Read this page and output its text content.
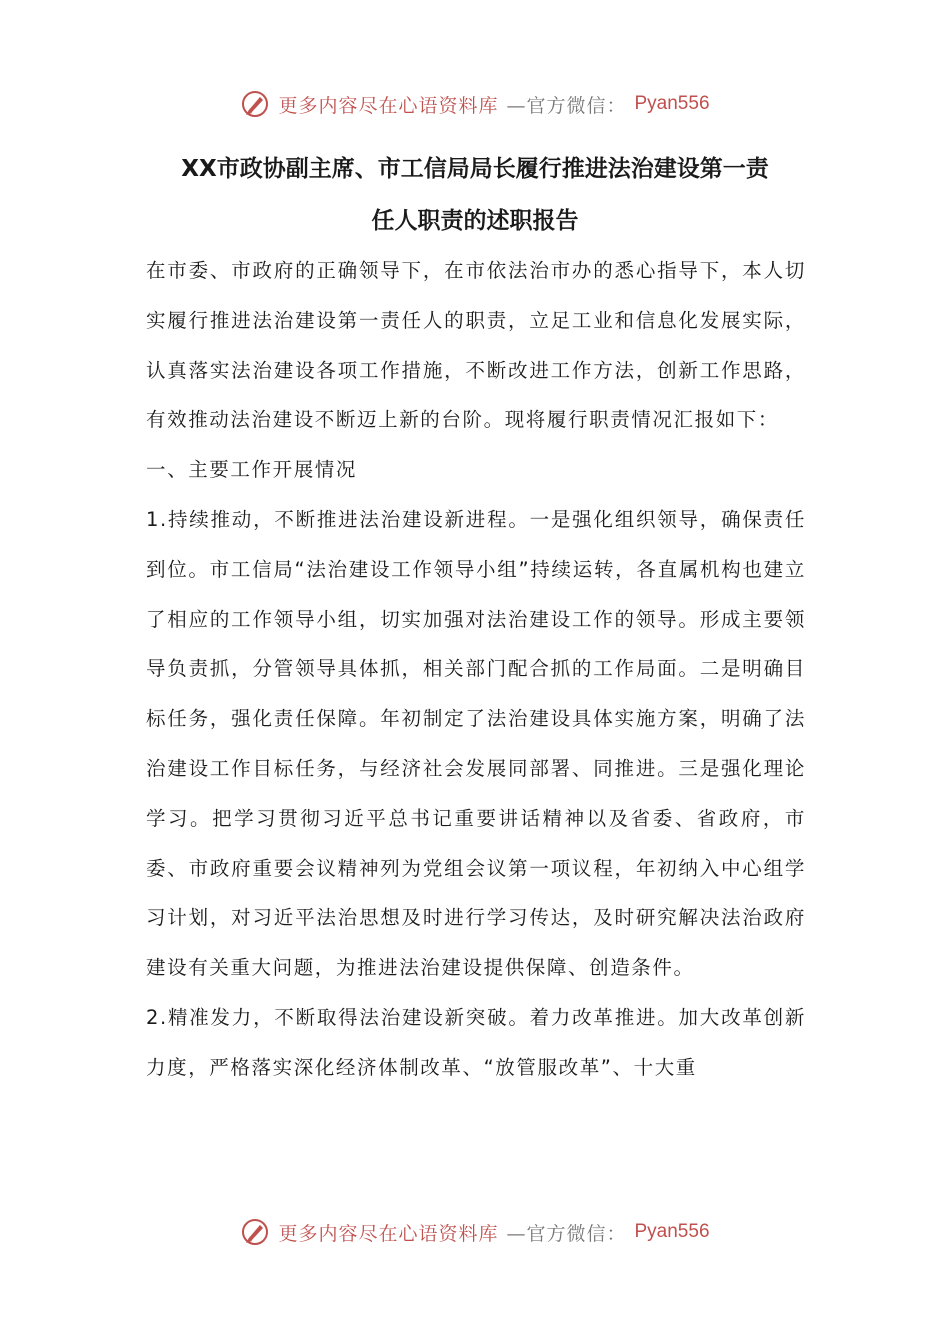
更多内容尽在心语资料库 —官方微信： Pyan556
XX市政协副主席、市工信局局长履行推进法治建设第一责
任人职责的述职报告

在市委、市政府的正确领导下，在市依法治市办的悉心指导下，本人切实履行推进法治建设第一责任人的职责，立足工业和信息化发展实际，认真落实法治建设各项工作措施，不断改进工作方法，创新工作思路，有效推动法治建设不断迈上新的台阶。现将履行职责情况汇报如下：

一、主要工作开展情况

1.持续推动，不断推进法治建设新进程。一是强化组织领导，确保责任到位。市工信局“法治建设工作领导小组”持续运转，各直属机构也建立了相应的工作领导小组，切实加强对法治建设工作的领导。形成主要领导负责抓，分管领导具体抓，相关部门配合抓的工作局面。二是明确目标任务，强化责任保障。年初制定了法治建设具体实施方案，明确了法治建设工作目标任务，与经济社会发展同部署、同推进。三是强化理论学习。把学习贯彻习近平总书记重要讲话精神以及省委、省政府，市委、市政府重要会议精神列为党组会议第一项议程，年初纳入中心组学习计划，对习近平法治思想及时进行学习传达，及时研究解决法治政府建设有关重大问题，为推进法治建设提供保障、创造条件。

2.精准发力，不断取得法治建设新突破。着力改革推进。加大改革创新力度，严格落实深化经济体制改革、“放管服改革”、十大重

更多内容尽在心语资料库 —官方微信： Pyan556
